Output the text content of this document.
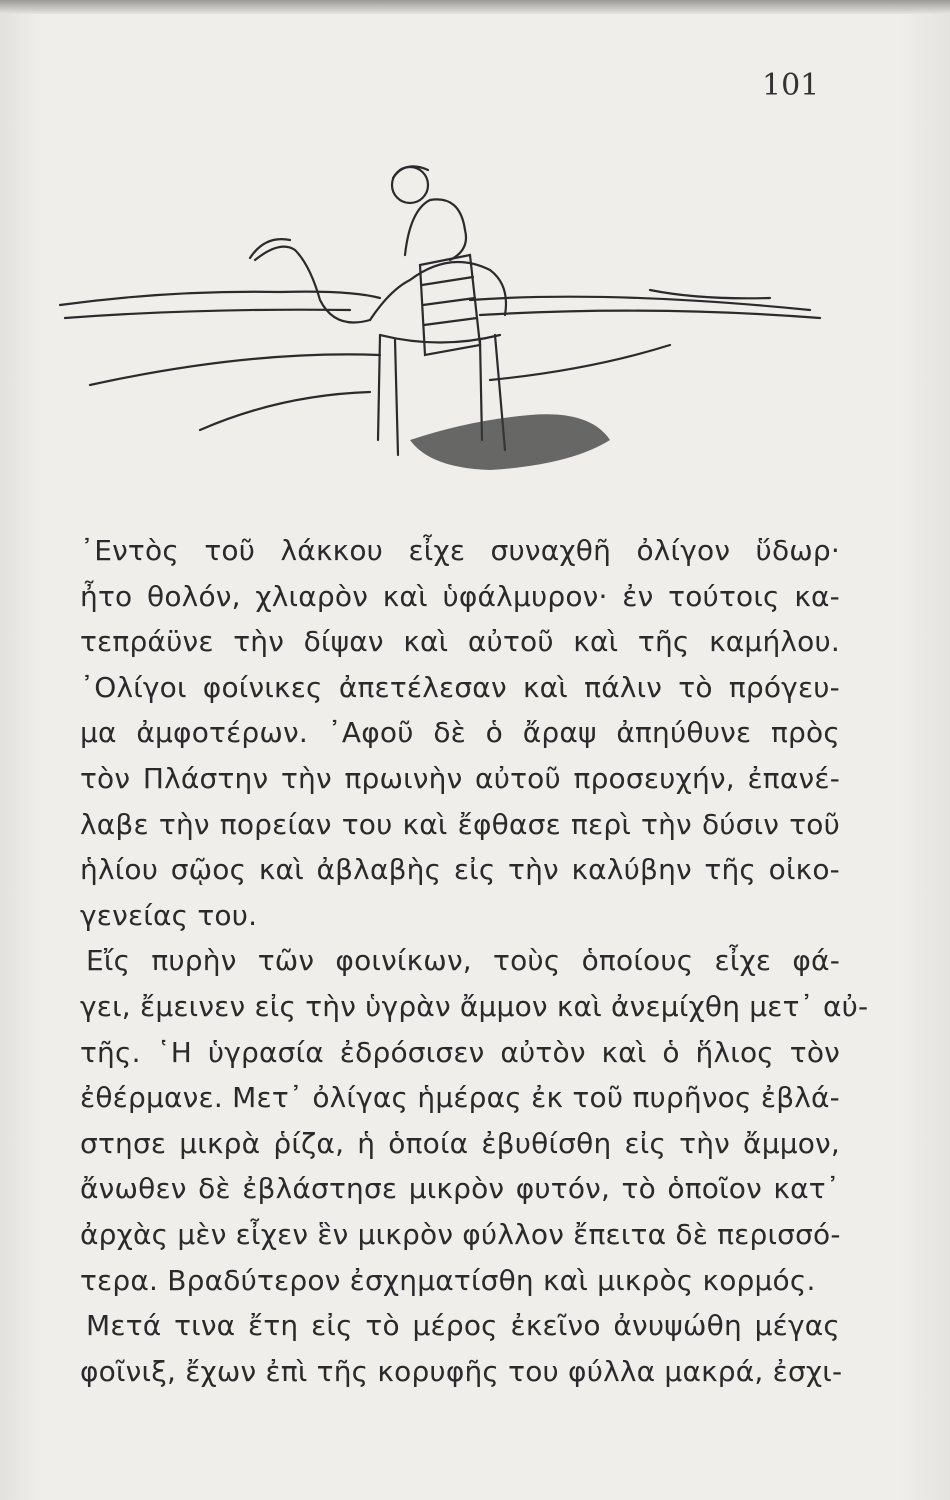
101
᾿Εντὸς τοῦ λάκκου εἶχε συναχθῆ ὀλίγον ὕδωρ·
ἦτο θολόν, χλιαρὸν καὶ ὑφάλμυρον· ἐν τούτοις κα-
τεπράϋνε τὴν δίψαν καὶ αὐτοῦ καὶ τῆς καμήλου.
᾿Ολίγοι φοίνικες ἀπετέλεσαν καὶ πάλιν τὸ πρόγευ-
μα ἀμφοτέρων. ᾿Αφοῦ δὲ ὁ ἄραψ ἀπηύθυνε πρὸς
τὸν Πλάστην τὴν πρωινὴν αὐτοῦ προσευχήν, ἐπανέ-
λαβε τὴν πορείαν του καὶ ἔφθασε περὶ τὴν δύσιν τοῦ
ἡλίου σῷος καὶ ἀβλαβὴς εἰς τὴν καλύβην τῆς οἰκο-
γενείας του.
Εἴς πυρὴν τῶν φοινίκων, τοὺς ὁποίους εἶχε φά-
γει, ἔμεινεν εἰς τὴν ὑγρὰν ἄμμον καὶ ἀνεμίχθη μετ᾿ αὐ-
τῆς. ῾Η ὑγρασία ἐδρόσισεν αὐτὸν καὶ ὁ ἥλιος τὸν
ἐθέρμανε. Μετ᾿ ὀλίγας ἡμέρας ἐκ τοῦ πυρῆνος ἐβλά-
στησε μικρὰ ῥίζα, ἡ ὁποία ἐβυθίσθη εἰς τὴν ἄμμον,
ἄνωθεν δὲ ἐβλάστησε μικρὸν φυτόν, τὸ ὁποῖον κατ᾿
ἀρχὰς μὲν εἶχεν ἓν μικρὸν φύλλον ἔπειτα δὲ περισσό-
τερα. Βραδύτερον ἐσχηματίσθη καὶ μικρὸς κορμός.
Μετά τινα ἔτη εἰς τὸ μέρος ἐκεῖνο ἀνυψώθη μέγας
φοῖνιξ, ἔχων ἐπὶ τῆς κορυφῆς του φύλλα μακρά, ἐσχι-
